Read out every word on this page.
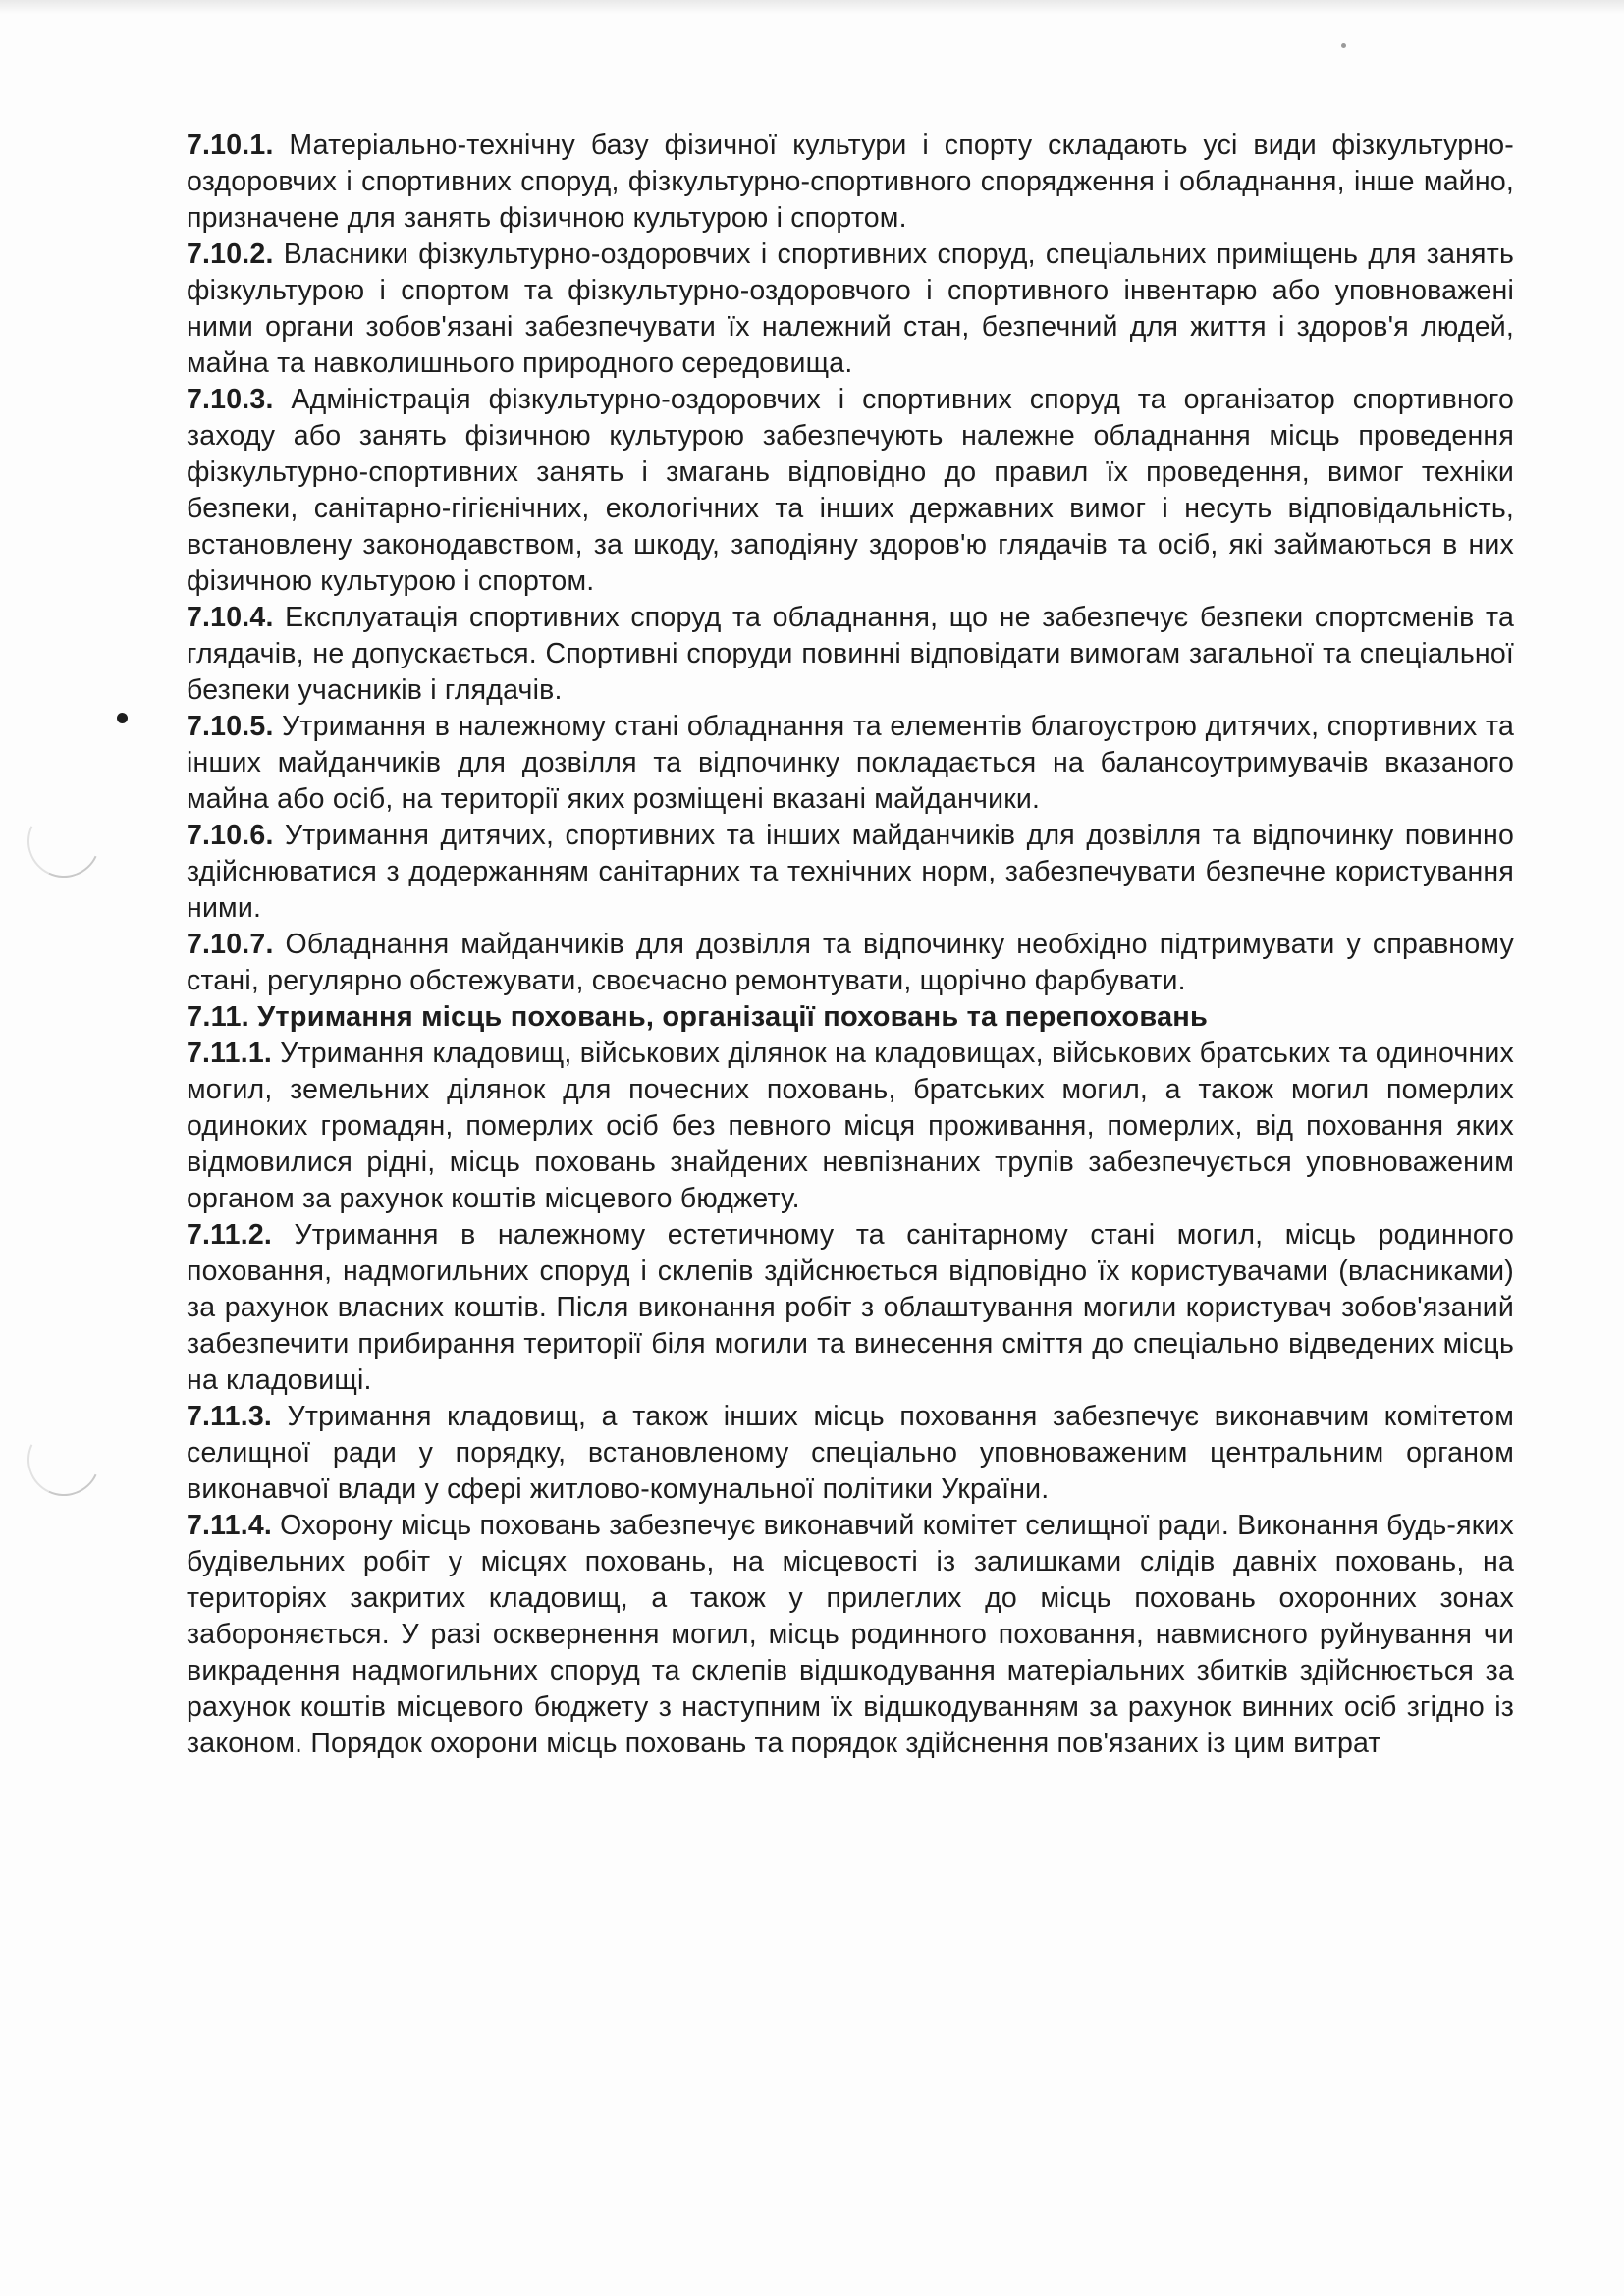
7.10.1. Матеріально-технічну базу фізичної культури і спорту складають усі види фізкультурно-оздоровчих і спортивних споруд, фізкультурно-спортивного спорядження і обладнання, інше майно, призначене для занять фізичною культурою і спортом.

7.10.2. Власники фізкультурно-оздоровчих і спортивних споруд, спеціальних приміщень для занять фізкультурою і спортом та фізкультурно-оздоровчого і спортивного інвентарю або уповноважені ними органи зобов'язані забезпечувати їх належний стан, безпечний для життя і здоров'я людей, майна та навколишнього природного середовища.

7.10.3. Адміністрація фізкультурно-оздоровчих і спортивних споруд та організатор спортивного заходу або занять фізичною культурою забезпечують належне обладнання місць проведення фізкультурно-спортивних занять і змагань відповідно до правил їх проведення, вимог техніки безпеки, санітарно-гігієнічних, екологічних та інших державних вимог і несуть відповідальність, встановлену законодавством, за шкоду, заподіяну здоров'ю глядачів та осіб, які займаються в них фізичною культурою і спортом.

7.10.4. Експлуатація спортивних споруд та обладнання, що не забезпечує безпеки спортсменів та глядачів, не допускається. Спортивні споруди повинні відповідати вимогам загальної та спеціальної безпеки учасників і глядачів.

7.10.5. Утримання в належному стані обладнання та елементів благоустрою дитячих, спортивних та інших майданчиків для дозвілля та відпочинку покладається на балансоутримувачів вказаного майна або осіб, на території яких розміщені вказані майданчики.

7.10.6. Утримання дитячих, спортивних та інших майданчиків для дозвілля та відпочинку повинно здійснюватися з додержанням санітарних та технічних норм, забезпечувати безпечне користування ними.

7.10.7. Обладнання майданчиків для дозвілля та відпочинку необхідно підтримувати у справному стані, регулярно обстежувати, своєчасно ремонтувати, щорічно фарбувати.

7.11. Утримання місць поховань, організації поховань та перепоховань

7.11.1. Утримання кладовищ, військових ділянок на кладовищах, військових братських та одиночних могил, земельних ділянок для почесних поховань, братських могил, а також могил померлих одиноких громадян, померлих осіб без певного місця проживання, померлих, від поховання яких відмовилися рідні, місць поховань знайдених невпізнаних трупів забезпечується уповноваженим органом за рахунок коштів місцевого бюджету.

7.11.2. Утримання в належному естетичному та санітарному стані могил, місць родинного поховання, надмогильних споруд і склепів здійснюється відповідно їх користувачами (власниками) за рахунок власних коштів. Після виконання робіт з облаштування могили користувач зобов'язаний забезпечити прибирання території біля могили та винесення сміття до спеціально відведених місць на кладовищі.

7.11.3. Утримання кладовищ, а також інших місць поховання забезпечує виконавчим комітетом селищної ради у порядку, встановленому спеціально уповноваженим центральним органом виконавчої влади у сфері житлово-комунальної політики України.

7.11.4. Охорону місць поховань забезпечує виконавчий комітет селищної ради. Виконання будь-яких будівельних робіт у місцях поховань, на місцевості із залишками слідів давніх поховань, на територіях закритих кладовищ, а також у прилеглих до місць поховань охоронних зонах забороняється. У разі осквернення могил, місць родинного поховання, навмисного руйнування чи викрадення надмогильних споруд та склепів відшкодування матеріальних збитків здійснюється за рахунок коштів місцевого бюджету з наступним їх відшкодуванням за рахунок винних осіб згідно із законом. Порядок охорони місць поховань та порядок здійснення пов'язаних із цим витрат
